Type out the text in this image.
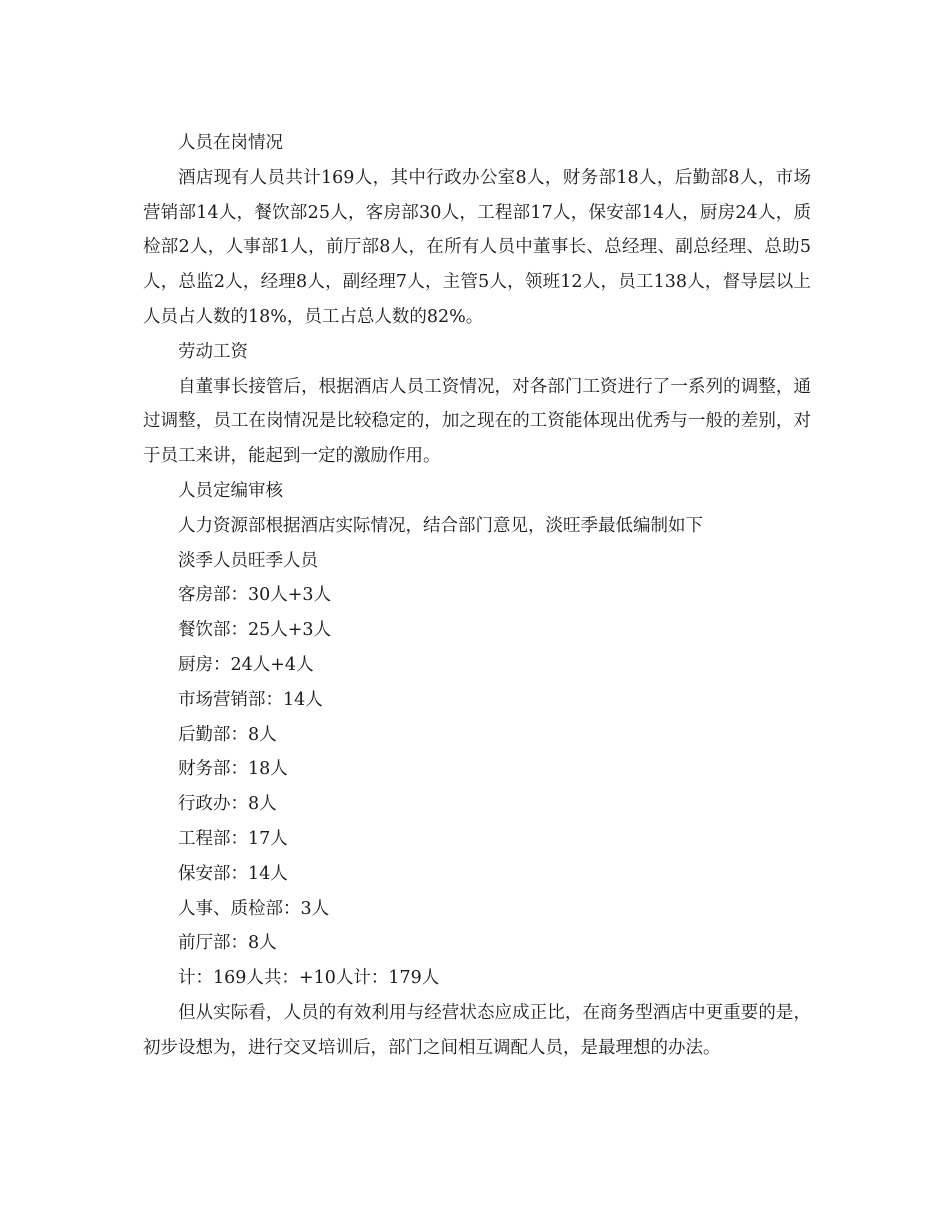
人员在岗情况

酒店现有人员共计169人，其中行政办公室8人，财务部18人，后勤部8人，市场营销部14人，餐饮部25人，客房部30人，工程部17人，保安部14人，厨房24人，质检部2人，人事部1人，前厅部8人，在所有人员中董事长、总经理、副总经理、总助5人，总监2人，经理8人，副经理7人，主管5人，领班12人，员工138人，督导层以上人员占人数的18%，员工占总人数的82%。

劳动工资

自董事长接管后，根据酒店人员工资情况，对各部门工资进行了一系列的调整，通过调整，员工在岗情况是比较稳定的，加之现在的工资能体现出优秀与一般的差别，对于员工来讲，能起到一定的激励作用。

人员定编审核

人力资源部根据酒店实际情况，结合部门意见，淡旺季最低编制如下

淡季人员旺季人员

客房部：30人+3人

餐饮部：25人+3人

厨房：24人+4人

市场营销部：14人

后勤部：8人

财务部：18人

行政办：8人

工程部：17人

保安部：14人

人事、质检部：3人

前厅部：8人

计：169人共：+10人计：179人

但从实际看，人员的有效利用与经营状态应成正比，在商务型酒店中更重要的是，初步设想为，进行交叉培训后，部门之间相互调配人员，是最理想的办法。
